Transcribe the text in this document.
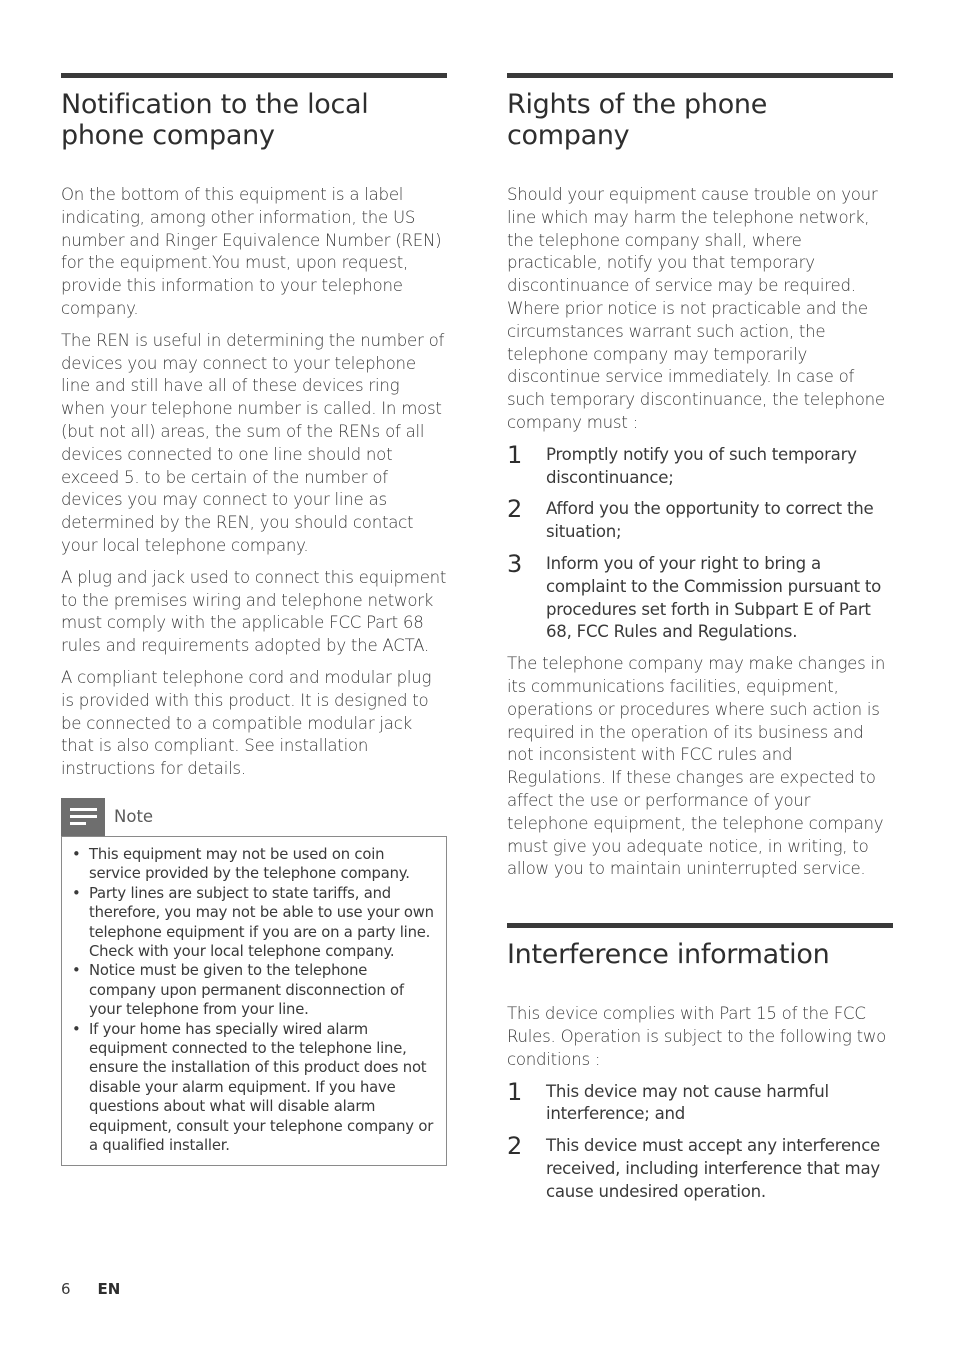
Notification to the local phone company

On the bottom of this equipment is a label indicating, among other information, the US number and Ringer Equivalence Number (REN) for the equipment.You must, upon request, provide this information to your telephone company.

The REN is useful in determining the number of devices you may connect to your telephone line and still have all of these devices ring when your telephone number is called. In most (but not all) areas, the sum of the RENs of all devices connected to one line should not exceed 5. to be certain of the number of devices you may connect to your line as determined by the REN, you should contact your local telephone company.

A plug and jack used to connect this equipment to the premises wiring and telephone network must comply with the applicable FCC Part 68 rules and requirements adopted by the ACTA.

A compliant telephone cord and modular plug is provided with this product. It is designed to be connected to a compatible modular jack that is also compliant. See installation instructions for details.

Note
• This equipment may not be used on coin service provided by the telephone company.
• Party lines are subject to state tariffs, and therefore, you may not be able to use your own telephone equipment if you are on a party line. Check with your local telephone company.
• Notice must be given to the telephone company upon permanent disconnection of your telephone from your line.
• If your home has specially wired alarm equipment connected to the telephone line, ensure the installation of this product does not disable your alarm equipment. If you have questions about what will disable alarm equipment, consult your telephone company or a qualified installer.
Rights of the phone company

Should your equipment cause trouble on your line which may harm the telephone network, the telephone company shall, where practicable, notify you that temporary discontinuance of service may be required. Where prior notice is not practicable and the circumstances warrant such action, the telephone company may temporarily discontinue service immediately. In case of such temporary discontinuance, the telephone company must :

1 Promptly notify you of such temporary discontinuance;
2 Afford you the opportunity to correct the situation;
3 Inform you of your right to bring a complaint to the Commission pursuant to procedures set forth in Subpart E of Part 68, FCC Rules and Regulations.

The telephone company may make changes in its communications facilities, equipment, operations or procedures where such action is required in the operation of its business and not inconsistent with FCC rules and Regulations. If these changes are expected to affect the use or performance of your telephone equipment, the telephone company must give you adequate notice, in writing, to allow you to maintain uninterrupted service.

Interference information

This device complies with Part 15 of the FCC Rules. Operation is subject to the following two conditions :

1 This device may not cause harmful interference; and
2 This device must accept any interference received, including interference that may cause undesired operation.
6 EN
